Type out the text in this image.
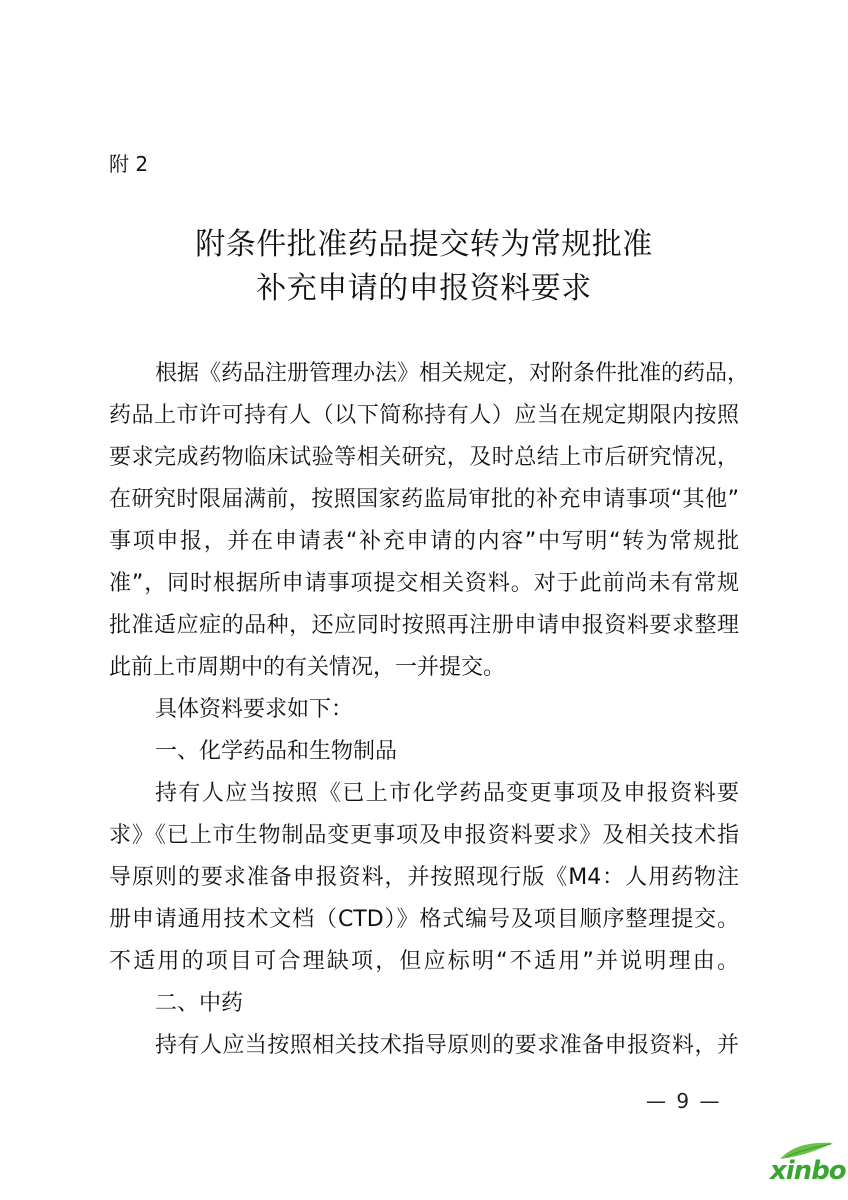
附 2
附条件批准药品提交转为常规批准
补充申请的申报资料要求
根据《药品注册管理办法》相关规定，对附条件批准的药品，
药品上市许可持有人（以下简称持有人）应当在规定期限内按照
要求完成药物临床试验等相关研究，及时总结上市后研究情况，
在研究时限届满前，按照国家药监局审批的补充申请事项“其他”
事项申报，并在申请表“补充申请的内容”中写明“转为常规批
准”，同时根据所申请事项提交相关资料。对于此前尚未有常规
批准适应症的品种，还应同时按照再注册申请申报资料要求整理
此前上市周期中的有关情况，一并提交。
具体资料要求如下：
一、化学药品和生物制品
持有人应当按照《已上市化学药品变更事项及申报资料要
求》《已上市生物制品变更事项及申报资料要求》及相关技术指
导原则的要求准备申报资料，并按照现行版《M4：人用药物注
册申请通用技术文档（CTD）》格式编号及项目顺序整理提交。
不适用的项目可合理缺项，但应标明“不适用”并说明理由。
二、中药
持有人应当按照相关技术指导原则的要求准备申报资料，并
— 9 —
xinbo
